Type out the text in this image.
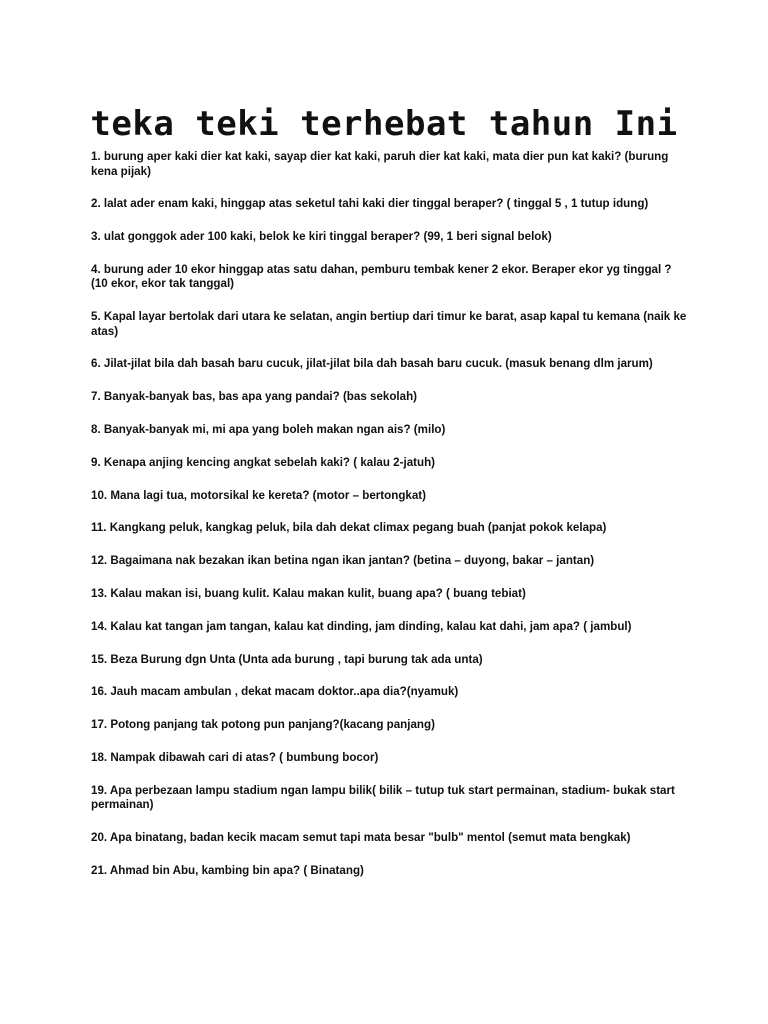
teka teki terhebat tahun Ini
1. burung aper kaki dier kat kaki, sayap dier kat kaki, paruh dier kat kaki, mata dier pun kat kaki? (burung kena pijak)
2. lalat ader enam kaki, hinggap atas seketul tahi kaki dier tinggal beraper? ( tinggal 5 , 1 tutup idung)
3. ulat gonggok ader 100 kaki, belok ke kiri tinggal beraper? (99, 1 beri signal belok)
4. burung ader 10 ekor hinggap atas satu dahan, pemburu tembak kener 2 ekor. Beraper ekor yg tinggal ? (10 ekor, ekor tak tanggal)
5. Kapal layar bertolak dari utara ke selatan, angin bertiup dari timur ke barat, asap kapal tu kemana (naik ke atas)
6. Jilat-jilat bila dah basah baru cucuk, jilat-jilat bila dah basah baru cucuk. (masuk benang dlm jarum)
7. Banyak-banyak bas, bas apa yang pandai? (bas sekolah)
8. Banyak-banyak mi, mi apa yang boleh makan ngan ais? (milo)
9. Kenapa anjing kencing angkat sebelah kaki? ( kalau 2-jatuh)
10. Mana lagi tua, motorsikal ke kereta? (motor – bertongkat)
11. Kangkang peluk, kangkag peluk, bila dah dekat climax pegang buah (panjat pokok kelapa)
12. Bagaimana nak bezakan ikan betina ngan ikan jantan? (betina – duyong, bakar – jantan)
13. Kalau makan isi, buang kulit. Kalau makan kulit, buang apa? ( buang tebiat)
14. Kalau kat tangan jam tangan, kalau kat dinding, jam dinding, kalau kat dahi, jam apa? ( jambul)
15. Beza Burung dgn Unta (Unta ada burung , tapi burung tak ada unta)
16. Jauh macam ambulan , dekat macam doktor..apa dia?(nyamuk)
17. Potong panjang tak potong pun panjang?(kacang panjang)
18. Nampak dibawah cari di atas? ( bumbung bocor)
19. Apa perbezaan lampu stadium ngan lampu bilik( bilik – tutup tuk start permainan, stadium- bukak start permainan)
20. Apa binatang, badan kecik macam semut tapi mata besar "bulb" mentol (semut mata bengkak)
21. Ahmad bin Abu, kambing bin apa? ( Binatang)
